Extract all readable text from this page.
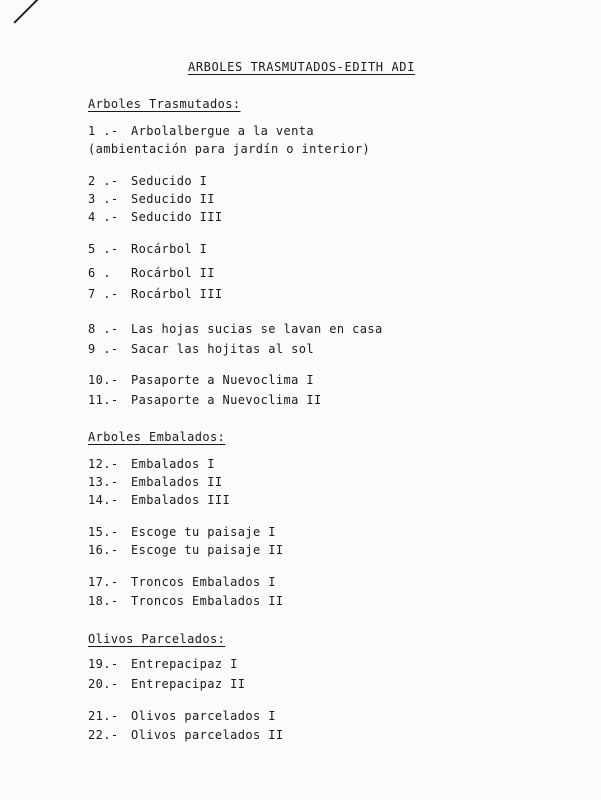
ARBOLES TRASMUTADOS-EDITH ADI
Arboles Trasmutados:
1 .- Arbolalbergue a la venta
(ambientación para jardín o interior)
2 .- Seducido I
3 .- Seducido II
4 .- Seducido III
5 .- Rocárbol I
6 . Rocárbol II
7 .- Rocárbol III
8 .- Las hojas sucias se lavan en casa
9 .- Sacar las hojitas al sol
10.- Pasaporte a Nuevoclima I
11.- Pasaporte a Nuevoclima II
Arboles Embalados:
12.- Embalados I
13.- Embalados II
14.- Embalados III
15.- Escoge tu paisaje I
16.- Escoge tu paisaje II
17.- Troncos Embalados I
18.- Troncos Embalados II
Olivos Parcelados:
19.- Entrepacipaz I
20.- Entrepacipaz II
21.- Olivos parcelados I
22.- Olivos parcelados II
